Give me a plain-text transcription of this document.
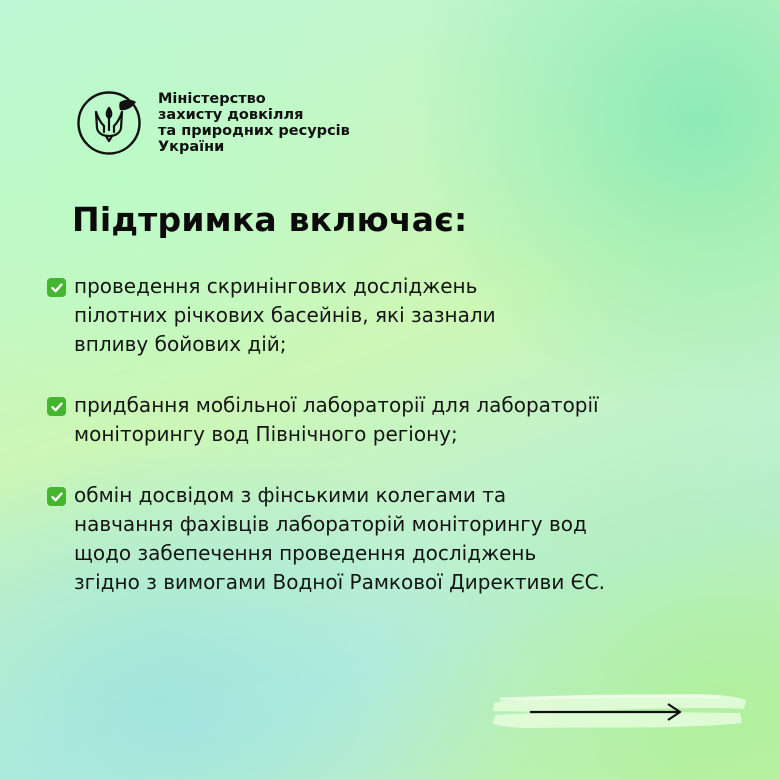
Міністерство
захисту довкілля
та природних ресурсів
України
Підтримка включає:
проведення скринінгових досліджень
пілотних річкових басейнів, які зазнали
впливу бойових дій;
придбання мобільної лабораторії для лабораторії
моніторингу вод Північного регіону;
обмін досвідом з фінськими колегами та
навчання фахівців лабораторій моніторингу вод
щодо забепечення проведення досліджень
згідно з вимогами Водної Рамкової Директиви ЄС.
